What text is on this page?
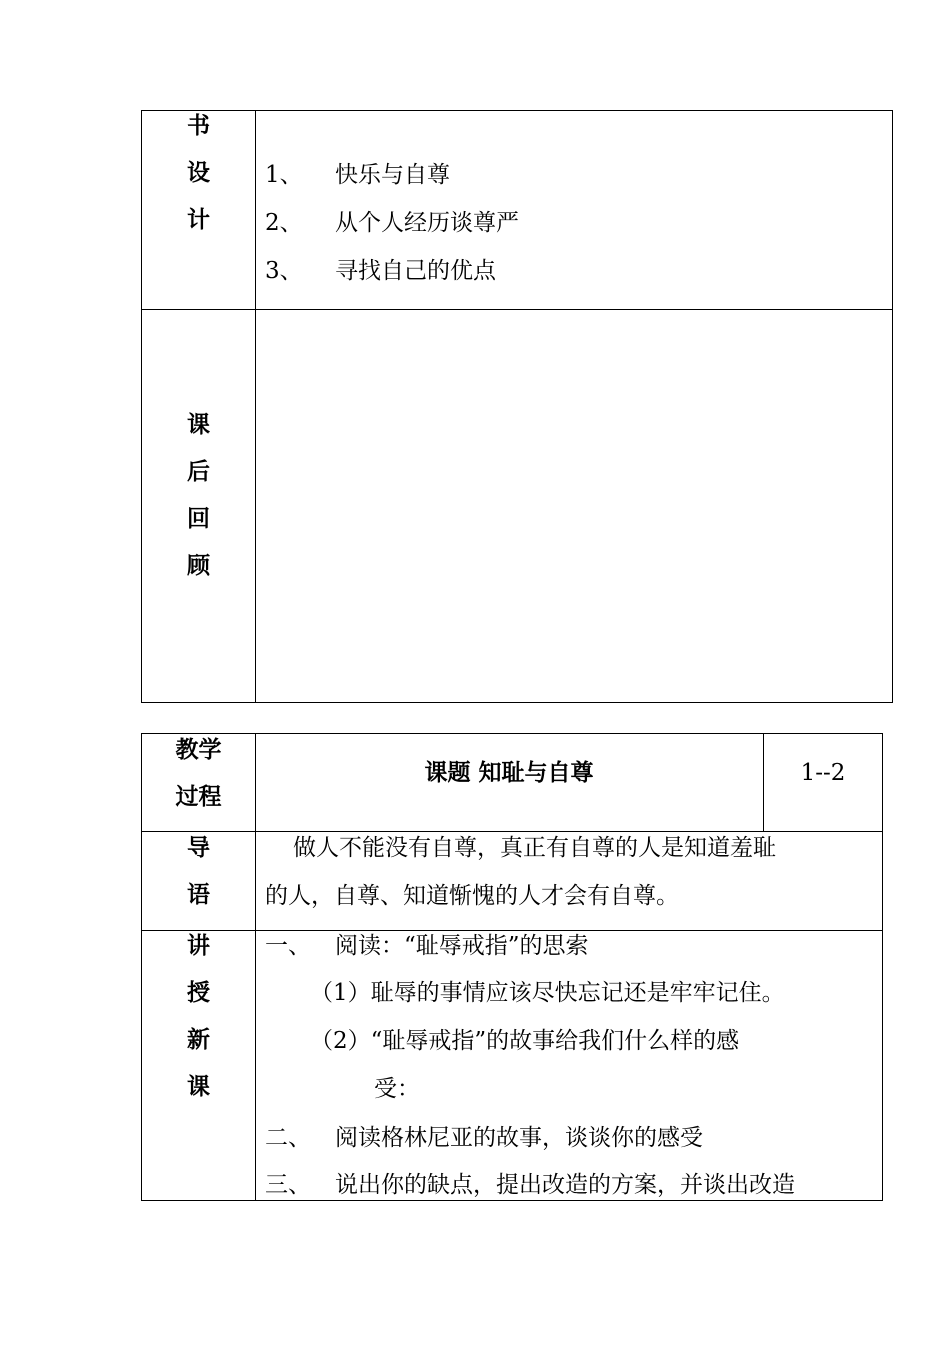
书
设
计
1、 快乐与自尊
2、 从个人经历谈尊严
3、 寻找自己的优点
课
后
回
顾
教学
过程
课题 知耻与自尊	1--2
导
语
做人不能没有自尊，真正有自尊的人是知道羞耻
的人，自尊、知道惭愧的人才会有自尊。
讲
授
新
课
一、 阅读：“耻辱戒指”的思索
（1）耻辱的事情应该尽快忘记还是牢牢记住。
（2）“耻辱戒指”的故事给我们什么样的感
受：
二、 阅读格林尼亚的故事，谈谈你的感受
三、 说出你的缺点，提出改造的方案，并谈出改造
